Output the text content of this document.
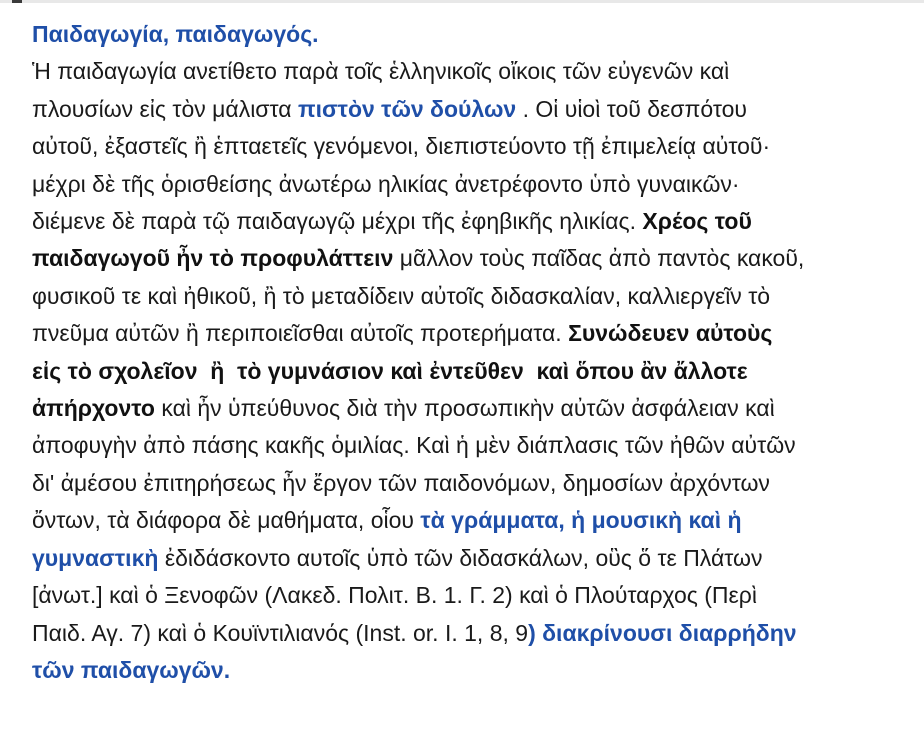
Παιδαγωγία, παιδαγωγός.

Ἡ παιδαγωγία ανετίθετο παρὰ τοῖς ἑλληνικοῖς οἴκοις τῶν εὐγενῶν καὶ
πλουσίων εἰς τὸν μάλιστα πιστὸν τῶν δούλων . Οἱ υἱοὶ τοῦ δεσπότου
αὐτοῦ, ἐξαστεῖς ἢ ἑπταετεῖς γενόμενοι, διεπιστεύοντο τῇ ἐπιμελείᾳ αὐτοῦ·
μέχρι δὲ τῆς ὁρισθείσης ἀνωτέρω ηλικίας ἀνετρέφοντο ὑπὸ γυναικῶν·
διέμενε δὲ παρὰ τῷ παιδαγωγῷ μέχρι τῆς ἐφηβικῆς ηλικίας. Χρέος τοῦ
παιδαγωγοῦ ἦν τὸ προφυλάττειν μᾶλλον τοὺς παῖδας ἀπὸ παντὸς κακοῦ,
φυσικοῦ τε καὶ ἠθικοῦ, ἢ τὸ μεταδίδειν αὐτοῖς διδασκαλίαν, καλλιεργεῖν τὸ
πνεῦμα αὐτῶν ἢ περιποιεῖσθαι αὐτοῖς προτερήματα. Συνώδευεν αὐτοὺς
εἰς τὸ σχολεῖον  ἢ  τὸ γυμνάσιον καὶ ἐντεῦθεν  καὶ ὅπου ἂν ἄλλοτε
ἀπήρχοντο καὶ ἦν ὑπεύθυνος διὰ τὴν προσωπικὴν αὐτῶν ἀσφάλειαν καὶ
ἀποφυγὴν ἀπὸ πάσης κακῆς ὁμιλίας. Καὶ ἡ μὲν διάπλασις τῶν ἠθῶν αὐτῶν
δι' ἀμέσου ἐπιτηρήσεως ἦν ἔργον τῶν παιδονόμων, δημοσίων ἀρχόντων
ὄντων, τὰ διάφορα δὲ μαθήματα, οἷου τὰ γράμματα, ἡ μουσικὴ καὶ ἡ
γυμναστικὴ ἐδιδάσκοντο αυτοῖς ὑπὸ τῶν διδασκάλων, οὓς ὅ τε Πλάτων
[ἀνωτ.] καὶ ὁ Ξενοφῶν (Λακεδ. Πολιτ. Β. 1. Γ. 2) καὶ ὁ Πλούταρχος (Περὶ
Παιδ. Αγ. 7) καὶ ὁ Κουϊντιλιανός (Inst. or. I. 1, 8, 9) διακρίνουσι διαρρήδην
τῶν παιδαγωγῶν.
